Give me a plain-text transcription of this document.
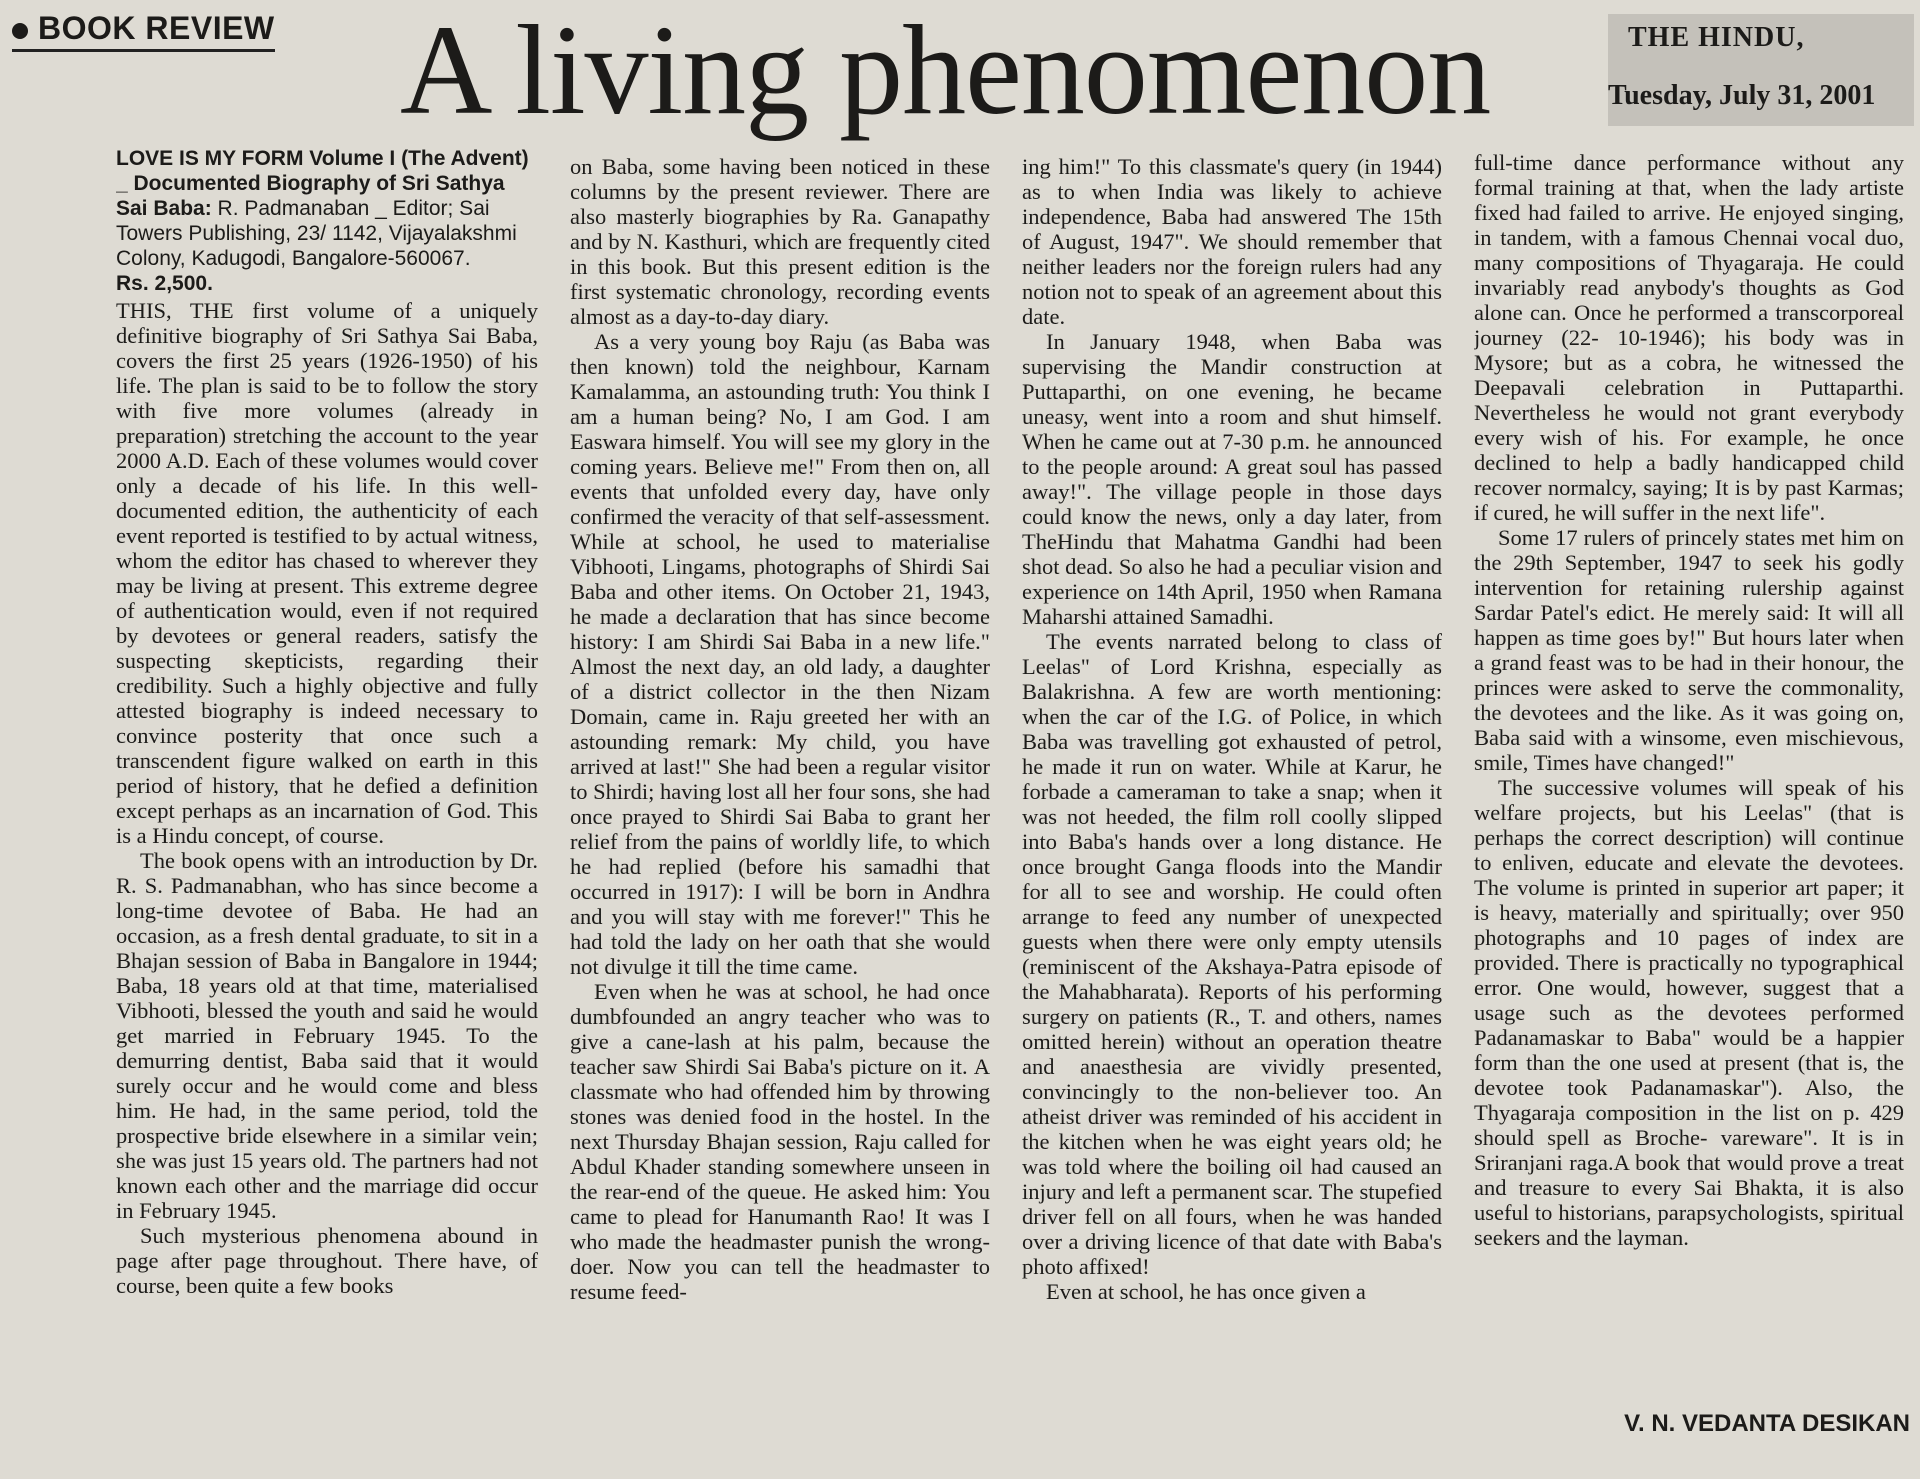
BOOK REVIEW A living phenomenon	THE HINDU,
Tuesday, July 31, 2001
LOVE IS MY FORM Volume I (The Advent) _ Documented Biography of Sri Sathya Sai Baba: R. Padmanaban _ Editor; Sai Towers Publishing, 23/ 1142, Vijayalakshmi Colony, Kadugodi, Bangalore-560067.
Rs. 2,500.

THIS, THE first volume of a uniquely definitive biography of Sri Sathya Sai Baba, covers the first 25 years (1926-1950) of his life. The plan is said to be to follow the story with five more volumes (already in preparation) stretching the account to the year 2000 A.D. Each of these volumes would cover only a decade of his life. In this well- documented edition, the authenticity of each event reported is testified to by actual witness, whom the editor has chased to wherever they may be living at present. This extreme degree of authentication would, even if not required by devotees or general readers, satisfy the suspecting skepticists, regarding their credibility. Such a highly objective and fully attested biography is indeed necessary to convince posterity that once such a transcendent figure walked on earth in this period of history, that he defied a definition except perhaps as an incarnation of God. This is a Hindu concept, of course.

The book opens with an introduction by Dr. R. S. Padmanabhan, who has since become a long-time devotee of Baba. He had an occasion, as a fresh dental graduate, to sit in a Bhajan session of Baba in Bangalore in 1944; Baba, 18 years old at that time, materialised Vibhooti, blessed the youth and said he would get married in February 1945. To the demurring dentist, Baba said that it would surely occur and he would come and bless him. He had, in the same period, told the prospective bride elsewhere in a similar vein; she was just 15 years old. The partners had not known each other and the marriage did occur in February 1945.

Such mysterious phenomena abound in page after page throughout. There have, of course, been quite a few books

on Baba, some having been noticed in these columns by the present reviewer. There are also masterly biographies by Ra. Ganapathy and by N. Kasthuri, which are frequently cited in this book. But this present edition is the first systematic chronology, recording events almost as a day-to-day diary.

As a very young boy Raju (as Baba was then known) told the neighbour, Karnam Kamalamma, an astounding truth: You think I am a human being? No, I am God. I am Easwara himself. You will see my glory in the coming years. Believe me!" From then on, all events that unfolded every day, have only confirmed the veracity of that self-assessment. While at school, he used to materialise Vibhooti, Lingams, photographs of Shirdi Sai Baba and other items. On October 21, 1943, he made a declaration that has since become history: I am Shirdi Sai Baba in a new life." Almost the next day, an old lady, a daughter of a district collector in the then Nizam Domain, came in. Raju greeted her with an astounding remark: My child, you have arrived at last!" She had been a regular visitor to Shirdi; having lost all her four sons, she had once prayed to Shirdi Sai Baba to grant her relief from the pains of worldly life, to which he had replied (before his samadhi that occurred in 1917): I will be born in Andhra and you will stay with me forever!" This he had told the lady on her oath that she would not divulge it till the time came.

Even when he was at school, he had once dumbfounded an angry teacher who was to give a cane-lash at his palm, because the teacher saw Shirdi Sai Baba's picture on it. A classmate who had offended him by throwing stones was denied food in the hostel. In the next Thursday Bhajan session, Raju called for Abdul Khader standing somewhere unseen in the rear-end of the queue. He asked him: You came to plead for Hanumanth Rao! It was I who made the headmaster punish the wrong-doer. Now you can tell the headmaster to resume feed-

ing him!" To this classmate's query (in 1944) as to when India was likely to achieve independence, Baba had answered The 15th of August, 1947". We should remember that neither leaders nor the foreign rulers had any notion not to speak of an agreement about this date.

In January 1948, when Baba was supervising the Mandir construction at Puttaparthi, on one evening, he became uneasy, went into a room and shut himself. When he came out at 7-30 p.m. he announced to the people around: A great soul has passed away!". The village people in those days could know the news, only a day later, from TheHindu that Mahatma Gandhi had been shot dead. So also he had a peculiar vision and experience on 14th April, 1950 when Ramana Maharshi attained Samadhi.

The events narrated belong to class of Leelas" of Lord Krishna, especially as Balakrishna. A few are worth mentioning: when the car of the I.G. of Police, in which Baba was travelling got exhausted of petrol, he made it run on water. While at Karur, he forbade a cameraman to take a snap; when it was not heeded, the film roll coolly slipped into Baba's hands over a long distance. He once brought Ganga floods into the Mandir for all to see and worship. He could often arrange to feed any number of unexpected guests when there were only empty utensils (reminiscent of the Akshaya-Patra episode of the Mahabharata). Reports of his performing surgery on patients (R., T. and others, names omitted herein) without an operation theatre and anaesthesia are vividly presented, convincingly to the non-believer too. An atheist driver was reminded of his accident in the kitchen when he was eight years old; he was told where the boiling oil had caused an injury and left a permanent scar. The stupefied driver fell on all fours, when he was handed over a driving licence of that date with Baba's photo affixed!

Even at school, he has once given a

full-time dance performance without any formal training at that, when the lady artiste fixed had failed to arrive. He enjoyed singing, in tandem, with a famous Chennai vocal duo, many compositions of Thyagaraja. He could invariably read anybody's thoughts as God alone can. Once he performed a transcorporeal journey (22- 10-1946); his body was in Mysore; but as a cobra, he witnessed the Deepavali celebration in Puttaparthi. Nevertheless he would not grant everybody every wish of his. For example, he once declined to help a badly handicapped child recover normalcy, saying; It is by past Karmas; if cured, he will suffer in the next life".

Some 17 rulers of princely states met him on the 29th September, 1947 to seek his godly intervention for retaining rulership against Sardar Patel's edict. He merely said: It will all happen as time goes by!" But hours later when a grand feast was to be had in their honour, the princes were asked to serve the commonality, the devotees and the like. As it was going on, Baba said with a winsome, even mischievous, smile, Times have changed!"

The successive volumes will speak of his welfare projects, but his Leelas" (that is perhaps the correct description) will continue to enliven, educate and elevate the devotees. The volume is printed in superior art paper; it is heavy, materially and spiritually; over 950 photographs and 10 pages of index are provided. There is practically no typographical error. One would, however, suggest that a usage such as the devotees performed Padanamaskar to Baba" would be a happier form than the one used at present (that is, the devotee took Padanamaskar"). Also, the Thyagaraja composition in the list on p. 429 should spell as Broche- vareware". It is in Sriranjani raga.A book that would prove a treat and treasure to every Sai Bhakta, it is also useful to historians, parapsychologists, spiritual seekers and the layman.

V. N. VEDANTA DESIKAN
